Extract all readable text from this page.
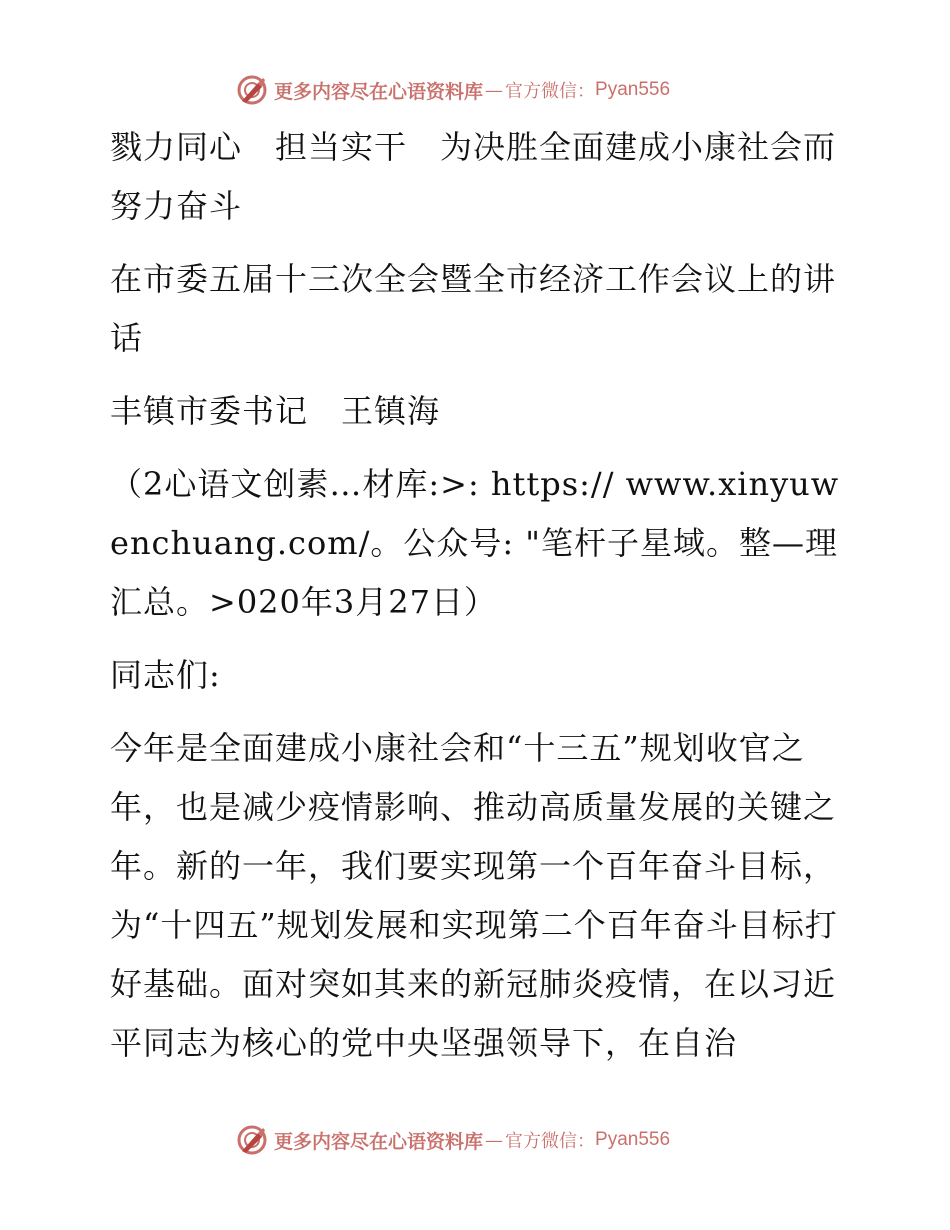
更多内容尽在心语资料库 — 官方微信： Pyan556

戮力同心　担当实干　为决胜全面建成小康社会而努力奋斗

在市委五届十三次全会暨全市经济工作会议上的讲话

丰镇市委书记　王镇海

（2心语文创素…材库:>: https:// www.xinyuwenchuang.com/。公众号: "笔杆子星域。整—理汇总。>020年3月27日）

同志们:

今年是全面建成小康社会和“十三五”规划收官之年，也是减少疫情影响、推动高质量发展的关键之年。新的一年，我们要实现第一个百年奋斗目标，为“十四五”规划发展和实现第二个百年奋斗目标打好基础。面对突如其来的新冠肺炎疫情，在以习近平同志为核心的党中央坚强领导下，在自治

更多内容尽在心语资料库 — 官方微信： Pyan556
